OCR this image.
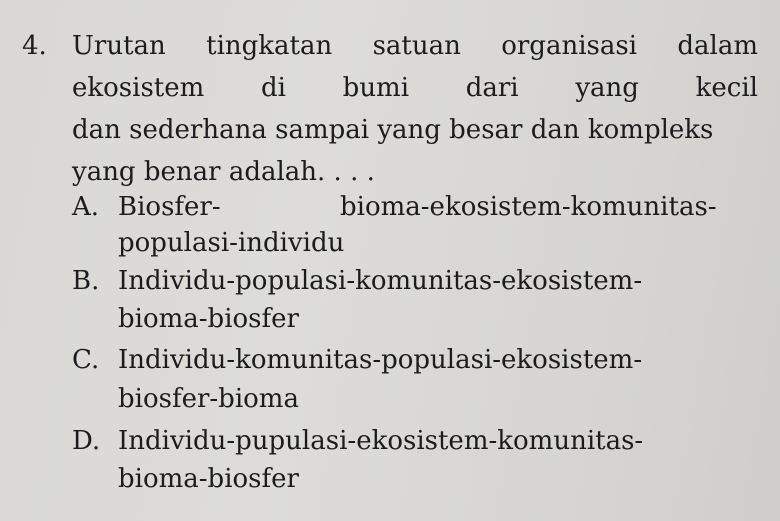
4. Urutan tingkatan satuan organisasi dalam
ekosistem di bumi dari yang kecil
dan sederhana sampai yang besar dan kompleks
yang benar adalah. . . .
A. Biosfer-	bioma-ekosistem-komunitas-
populasi-individu
B. Individu-populasi-komunitas-ekosistem-
bioma-biosfer
C. Individu-komunitas-populasi-ekosistem-
biosfer-bioma
D. Individu-pupulasi-ekosistem-komunitas-
bioma-biosfer
